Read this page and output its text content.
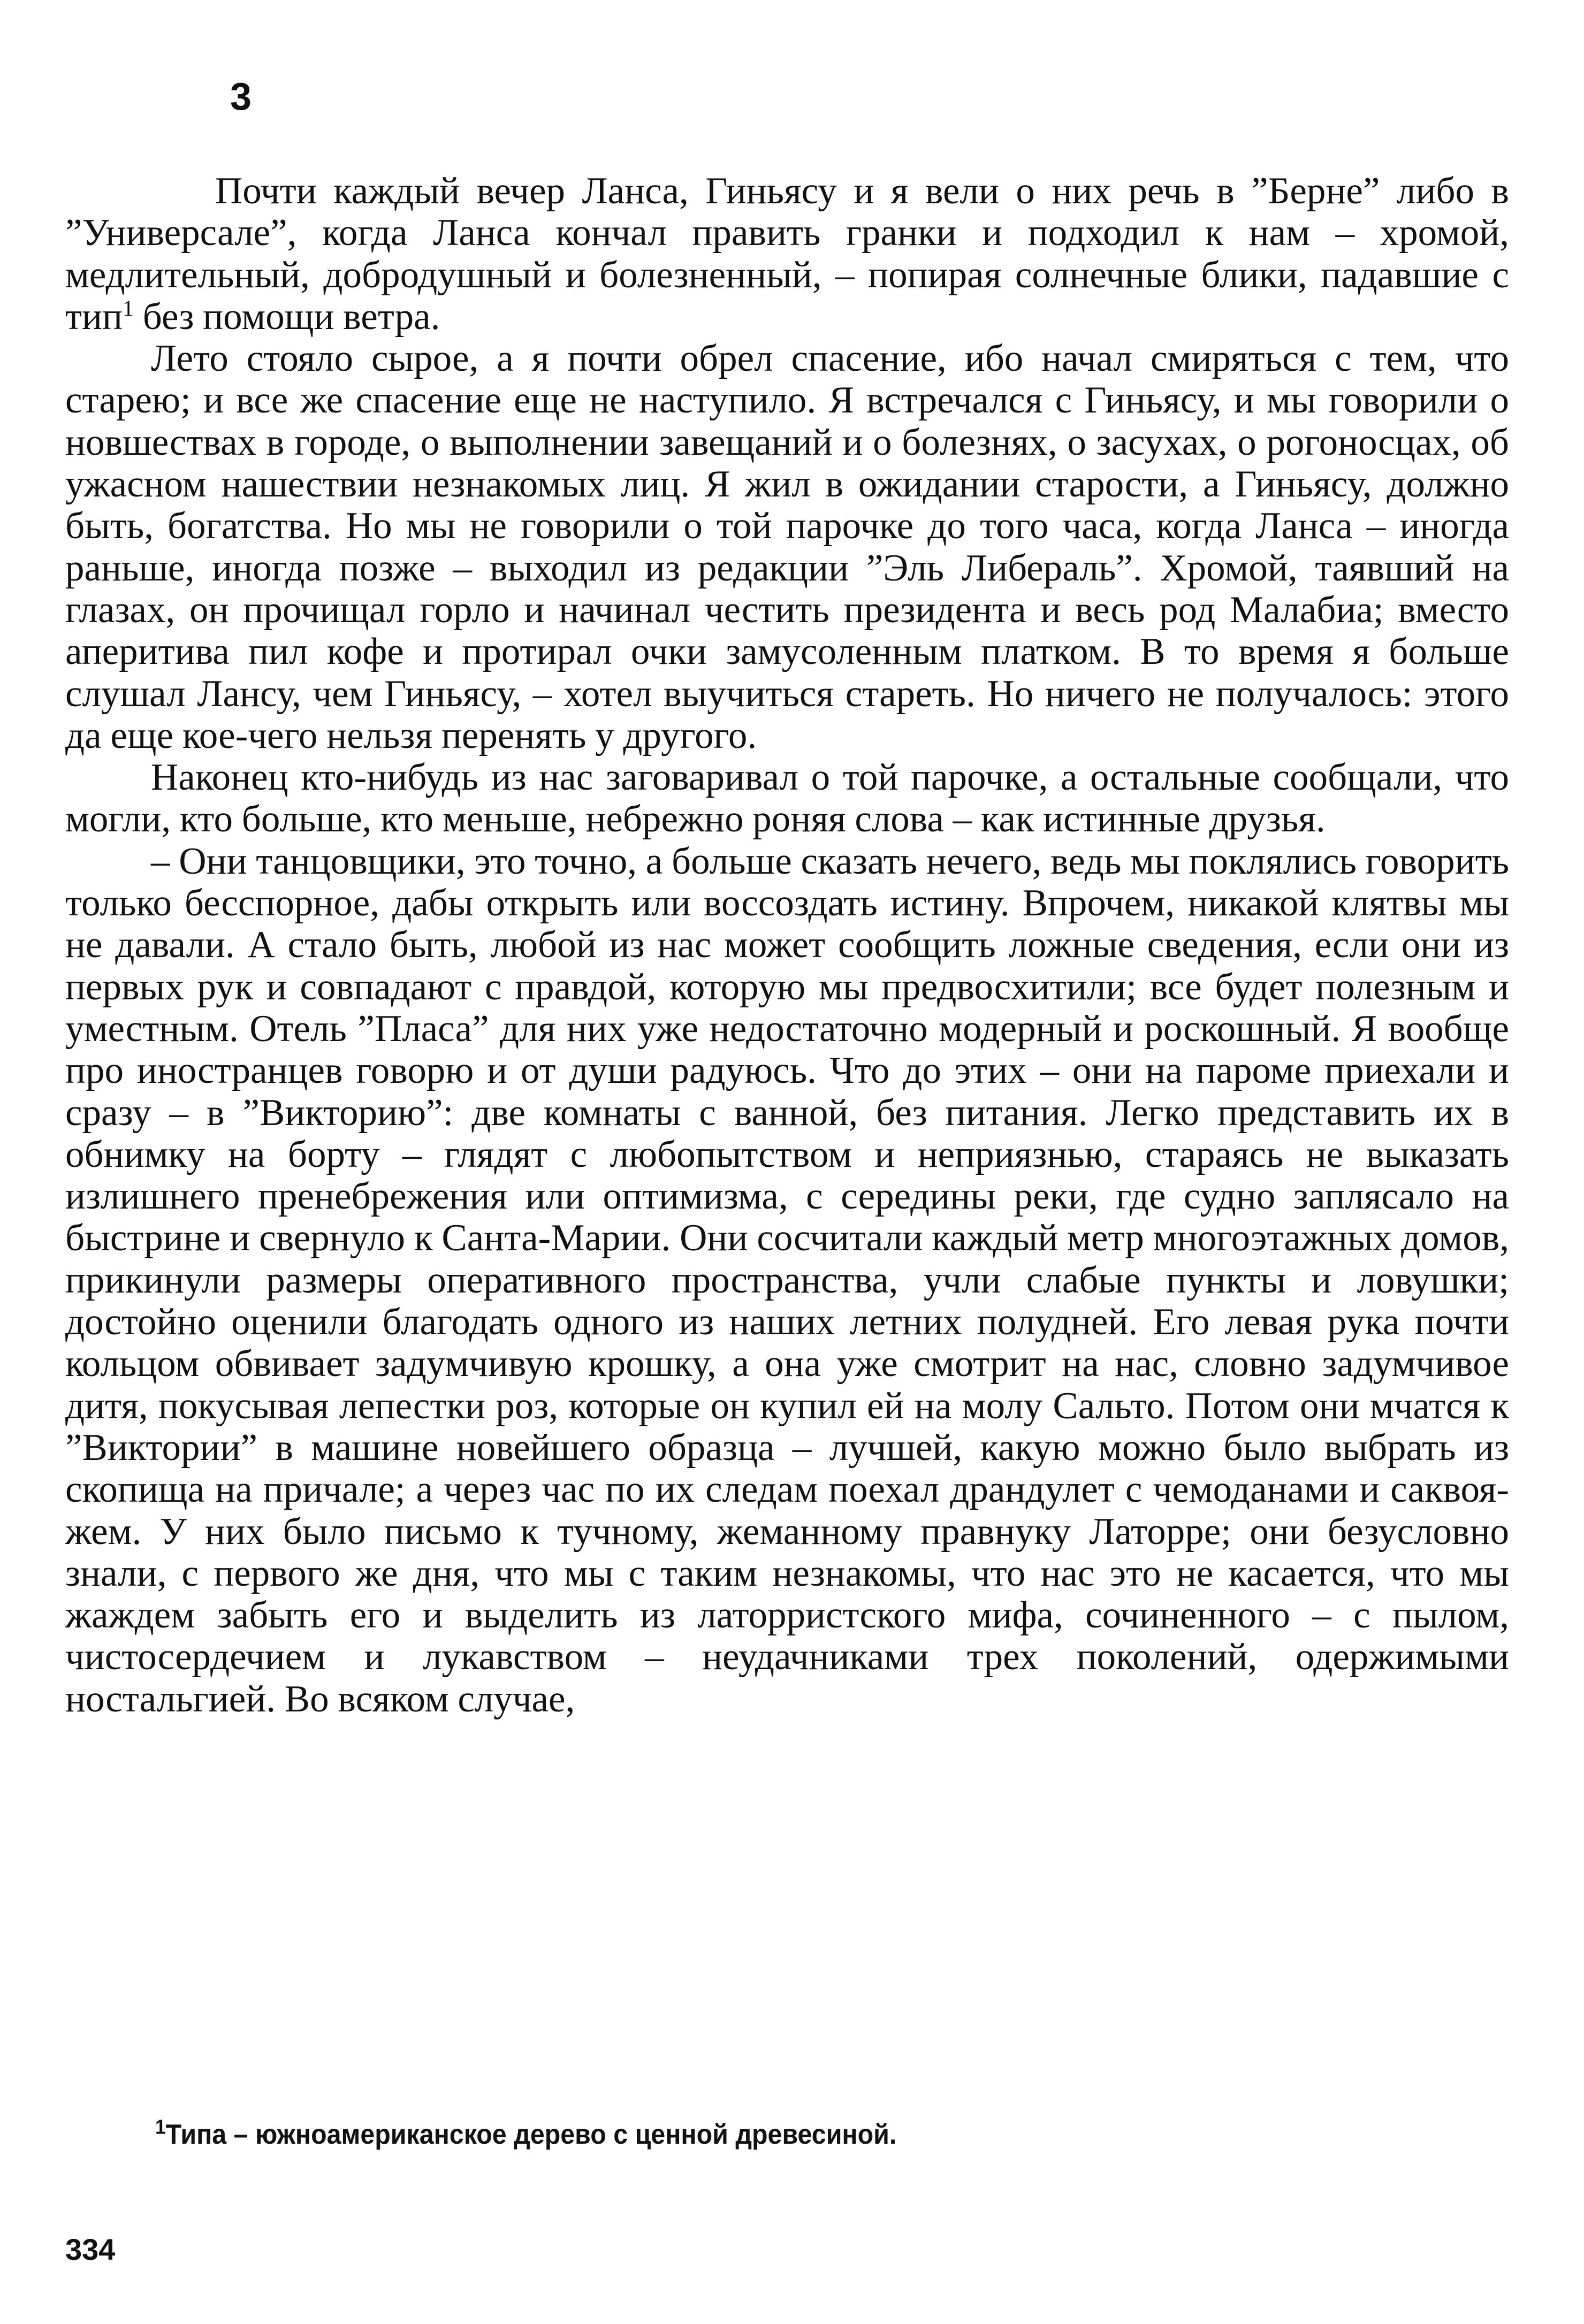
3

Почти каждый вечер Ланса, Гиньясу и я вели о них речь в ”Берне” либо в ”Универсале”, когда Ланса кончал править гранки и подходил к нам – хромой, медлительный, добродушный и болезненный, – попирая солнечные блики, падавшие с тип$^1$ без помощи ветра.

Лето стояло сырое, а я почти обрел спасение, ибо начал смиряться с тем, что старею; и все же спасение еще не наступило. Я встречался с Гиньясу, и мы говорили о новшествах в городе, о выполнении завещаний и о болезнях, о засухах, о рогоносцах, об ужасном нашествии незнакомых лиц. Я жил в ожидании старости, а Гиньясу, должно быть, богатства. Но мы не говорили о той парочке до того часа, когда Ланса – иногда раньше, иногда позже – выходил из редакции ”Эль Либераль”. Хромой, таявший на глазах, он прочищал горло и начинал честить президента и весь род Малабиа; вместо аперитива пил кофе и протирал очки замусоленным платком. В то время я больше слушал Лансу, чем Гиньясу, – хотел выучиться стареть. Но ничего не получалось: этого да еще кое-чего нельзя перенять у другого.

Наконец кто-нибудь из нас заговаривал о той парочке, а остальные сообщали, что могли, кто больше, кто меньше, небрежно роняя слова – как истинные друзья.

– Они танцовщики, это точно, а больше сказать нечего, ведь мы поклялись говорить только бесспорное, дабы открыть или воссоздать истину. Впрочем, никакой клятвы мы не давали. А стало быть, любой из нас может сообщить ложные сведения, если они из первых рук и совпадают с правдой, которую мы предвосхитили; все будет полезным и уместным. Отель ”Пласа” для них уже недостаточно модерный и роскошный. Я вообще про иностранцев говорю и от души радуюсь. Что до этих – они на пароме приехали и сразу – в ”Викторию”: две комнаты с ванной, без питания. Легко представить их в обнимку на борту – глядят с любопытством и неприязнью, стараясь не выказать излишнего пренебрежения или оптимизма, с середины реки, где судно заплясало на быстрине и свернуло к Санта-Марии. Они сосчитали каждый метр многоэтажных домов, прикинули размеры оперативного пространства, учли слабые пункты и ловушки; достойно оценили благодать одного из наших летних полудней. Его левая рука почти кольцом обвивает задумчивую крошку, а она уже смотрит на нас, словно задумчивое дитя, покусывая лепестки роз, которые он купил ей на молу Сальто. Потом они мчатся к ”Виктории” в машине новейшего образца – лучшей, какую можно было выбрать из скопища на причале; а через час по их следам поехал драндулет с чемоданами и саквояжем. У них было письмо к тучному, жеманному правнуку Латорре; они безусловно знали, с первого же дня, что мы с таким незнакомы, что нас это не касается, что мы жаждем забыть его и выделить из латорристского мифа, сочиненного – с пылом, чистосердечием и лукавством – неудачниками трех поколений, одержимыми ностальгией. Во всяком случае,

$^1$Типа – южноамериканское дерево с ценной древесиной.
334
